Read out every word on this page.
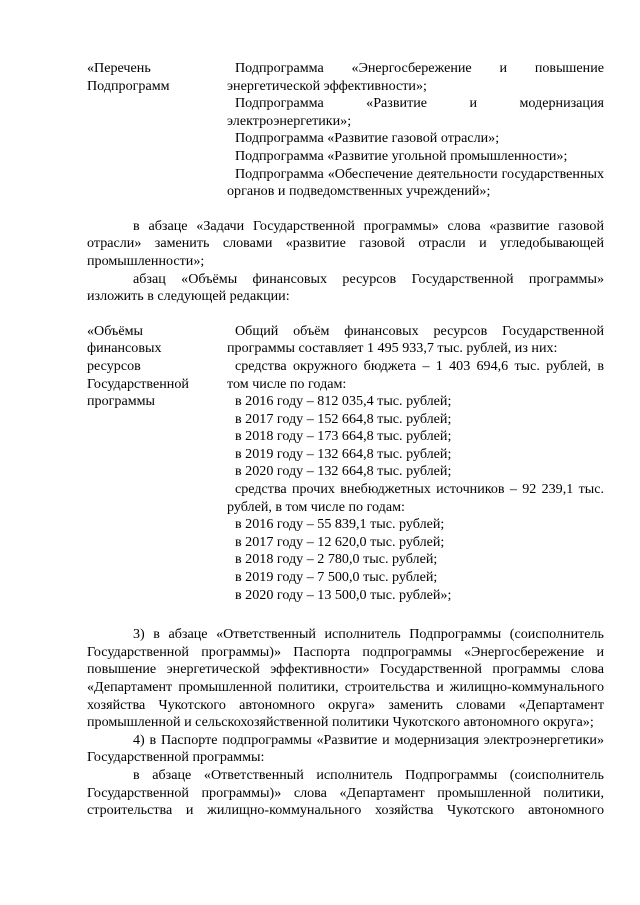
«Перечень
Подпрограмм

Подпрограмма «Энергосбережение и повышение энергетической эффективности»;

Подпрограмма «Развитие и модернизация электроэнергетики»;

Подпрограмма «Развитие газовой отрасли»;

Подпрограмма «Развитие угольной промышленности»;

Подпрограмма «Обеспечение деятельности государственных органов и подведомственных учреждений»;

в абзаце «Задачи Государственной программы» слова «развитие газовой отрасли» заменить словами «развитие газовой отрасли и угледобывающей промышленности»;

абзац «Объёмы финансовых ресурсов Государственной программы» изложить в следующей редакции:

«Объёмы
финансовых
ресурсов
Государственной
программы

Общий объём финансовых ресурсов Государственной программы составляет 1 495 933,7 тыс. рублей, из них:

средства окружного бюджета – 1 403 694,6 тыс. рублей, в том числе по годам:

в 2016 году – 812 035,4 тыс. рублей;

в 2017 году – 152 664,8 тыс. рублей;

в 2018 году – 173 664,8 тыс. рублей;

в 2019 году – 132 664,8 тыс. рублей;

в 2020 году – 132 664,8 тыс. рублей;

средства прочих внебюджетных источников – 92 239,1 тыс. рублей, в том числе по годам:

в 2016 году – 55 839,1 тыс. рублей;

в 2017 году – 12 620,0 тыс. рублей;

в 2018 году – 2 780,0 тыс. рублей;

в 2019 году – 7 500,0 тыс. рублей;

в 2020 году – 13 500,0 тыс. рублей»;

3) в абзаце «Ответственный исполнитель Подпрограммы (соисполнитель Государственной программы)» Паспорта подпрограммы «Энергосбережение и повышение энергетической эффективности» Государственной программы слова «Департамент промышленной политики, строительства и жилищно-коммунального хозяйства Чукотского автономного округа» заменить словами «Департамент промышленной и сельскохозяйственной политики Чукотского автономного округа»;

4) в Паспорте подпрограммы «Развитие и модернизация электроэнергетики» Государственной программы:

в абзаце «Ответственный исполнитель Подпрограммы (соисполнитель Государственной программы)» слова «Департамент промышленной политики, строительства и жилищно-коммунального хозяйства Чукотского автономного
